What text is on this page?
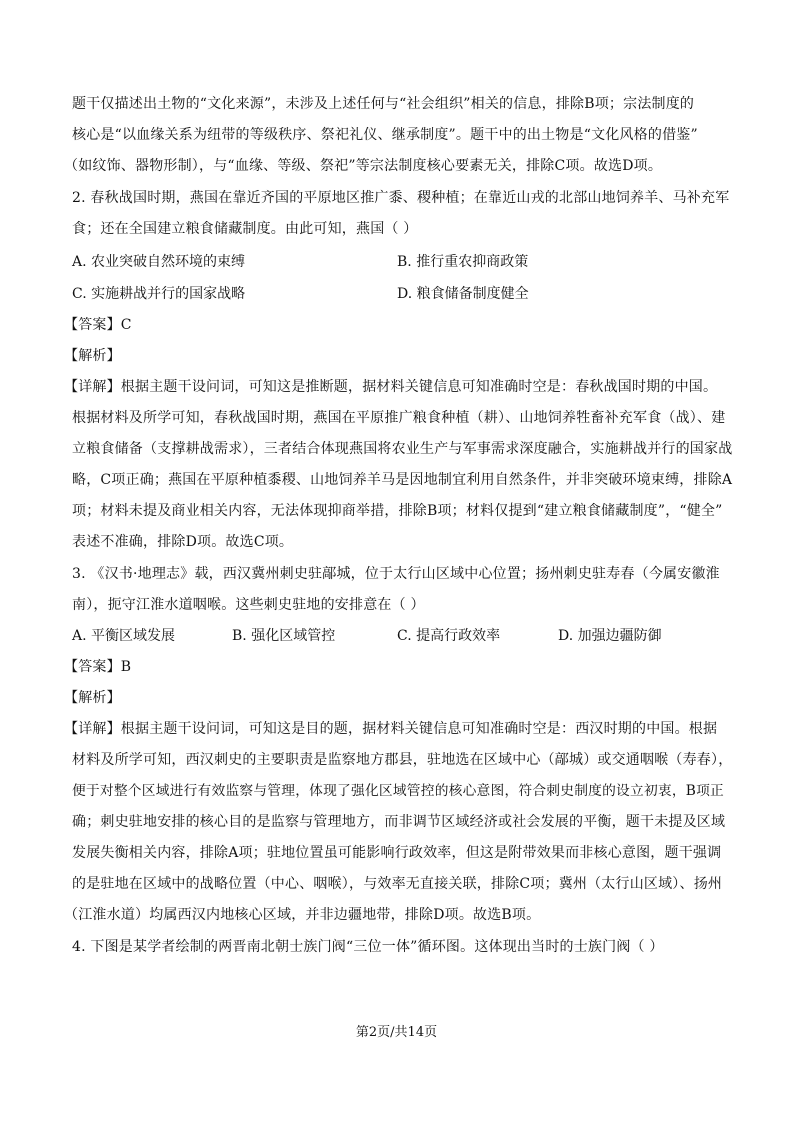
题干仅描述出土物的“文化来源”，未涉及上述任何与“社会组织”相关的信息，排除B项；宗法制度的
核心是“以血缘关系为纽带的等级秩序、祭祀礼仪、继承制度”。题干中的出土物是“文化风格的借鉴”
（如纹饰、器物形制），与“血缘、等级、祭祀”等宗法制度核心要素无关，排除C项。故选D项。
2. 春秋战国时期，燕国在靠近齐国的平原地区推广黍、稷种植；在靠近山戎的北部山地饲养羊、马补充军
食；还在全国建立粮食储藏制度。由此可知，燕国（ ）
A. 农业突破自然环境的束缚	B. 推行重农抑商政策
C. 实施耕战并行的国家战略	D. 粮食储备制度健全
【答案】C
【解析】
【详解】根据主题干设问词，可知这是推断题，据材料关键信息可知准确时空是：春秋战国时期的中国。
根据材料及所学可知，春秋战国时期，燕国在平原推广粮食种植（耕）、山地饲养牲畜补充军食（战）、建
立粮食储备（支撑耕战需求），三者结合体现燕国将农业生产与军事需求深度融合，实施耕战并行的国家战
略，C项正确；燕国在平原种植黍稷、山地饲养羊马是因地制宜利用自然条件，并非突破环境束缚，排除A
项；材料未提及商业相关内容，无法体现抑商举措，排除B项；材料仅提到“建立粮食储藏制度”，“健全”
表述不准确，排除D项。故选C项。
3. 《汉书·地理志》载，西汉冀州刺史驻鄗城，位于太行山区域中心位置；扬州刺史驻寿春（今属安徽淮
南），扼守江淮水道咽喉。这些刺史驻地的安排意在（ ）
A. 平衡区域发展	B. 强化区域管控	C. 提高行政效率	D. 加强边疆防御
【答案】B
【解析】
【详解】根据主题干设问词，可知这是目的题，据材料关键信息可知准确时空是：西汉时期的中国。根据
材料及所学可知，西汉刺史的主要职责是监察地方郡县，驻地选在区域中心（鄗城）或交通咽喉（寿春），
便于对整个区域进行有效监察与管理，体现了强化区域管控的核心意图，符合刺史制度的设立初衷，B项正
确；刺史驻地安排的核心目的是监察与管理地方，而非调节区域经济或社会发展的平衡，题干未提及区域
发展失衡相关内容，排除A项；驻地位置虽可能影响行政效率，但这是附带效果而非核心意图，题干强调
的是驻地在区域中的战略位置（中心、咽喉），与效率无直接关联，排除C项；冀州（太行山区域）、扬州
（江淮水道）均属西汉内地核心区域，并非边疆地带，排除D项。故选B项。
4. 下图是某学者绘制的两晋南北朝士族门阀“三位一体”循环图。这体现出当时的士族门阀（ ）
第2页/共14页
